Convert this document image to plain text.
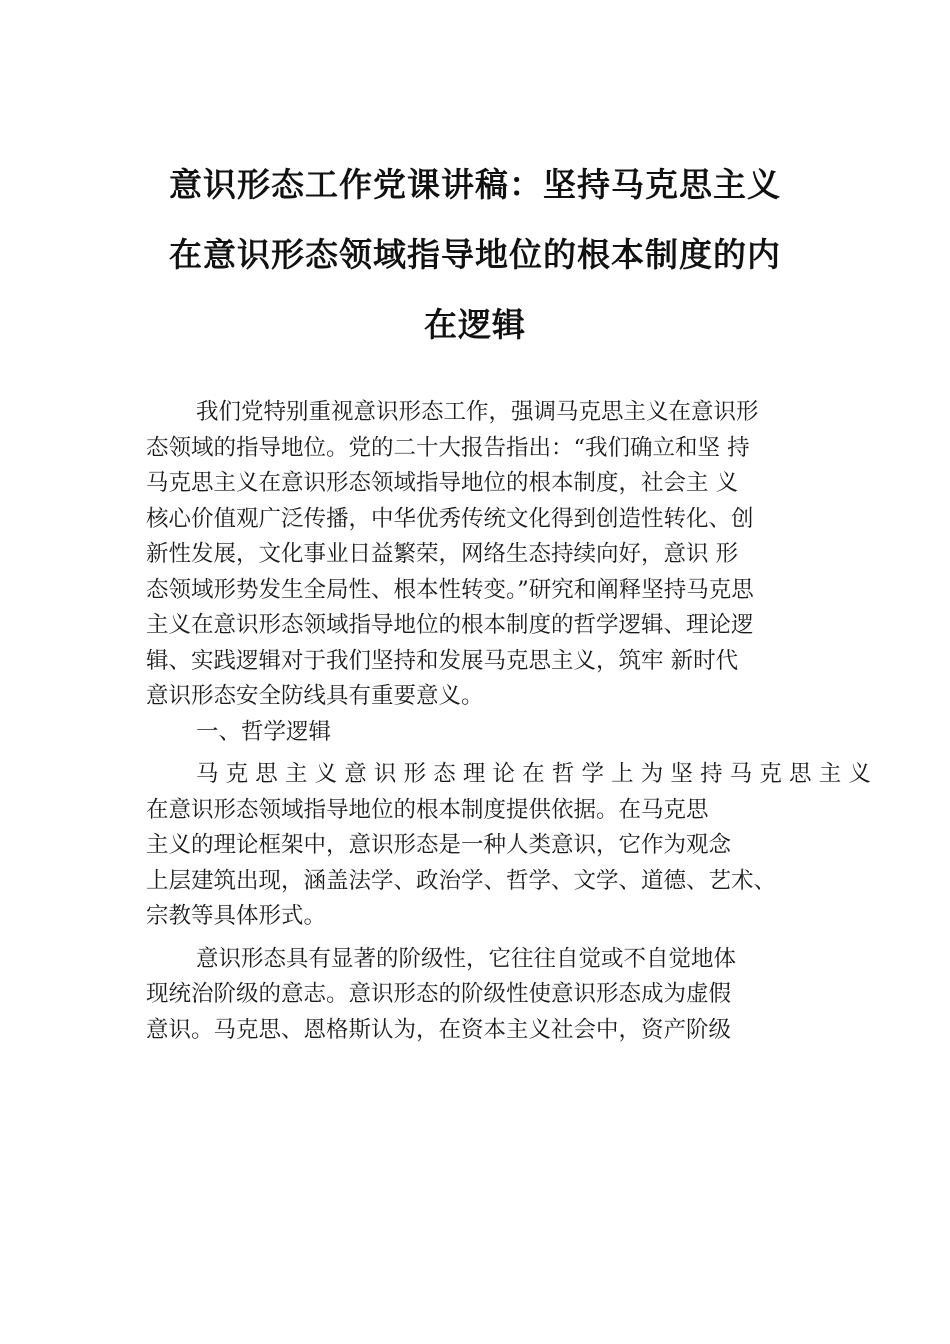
意识形态工作党课讲稿：坚持马克思主义
在意识形态领域指导地位的根本制度的内
在逻辑
我们党特别重视意识形态工作，强调马克思主义在意识形
态领域的指导地位。党的二十大报告指出：“我们确立和坚 持
马克思主义在意识形态领域指导地位的根本制度，社会主 义
核心价值观广泛传播，中华优秀传统文化得到创造性转化、创
新性发展，文化事业日益繁荣，网络生态持续向好，意识 形
态领域形势发生全局性、根本性转变。”研究和阐释坚持马克思
主义在意识形态领域指导地位的根本制度的哲学逻辑、理论逻
辑、实践逻辑对于我们坚持和发展马克思主义，筑牢 新时代
意识形态安全防线具有重要意义。
一、哲学逻辑
马 克 思 主 义 意 识 形 态 理 论 在 哲 学 上 为 坚 持 马 克 思 主 义
在意识形态领域指导地位的根本制度提供依据。在马克思
主义的理论框架中，意识形态是一种人类意识，它作为观念
上层建筑出现，涵盖法学、政治学、哲学、文学、道德、艺术、
宗教等具体形式。
意识形态具有显著的阶级性，它往往自觉或不自觉地体
现统治阶级的意志。意识形态的阶级性使意识形态成为虚假
意识。马克思、恩格斯认为，在资本主义社会中，资产阶级
